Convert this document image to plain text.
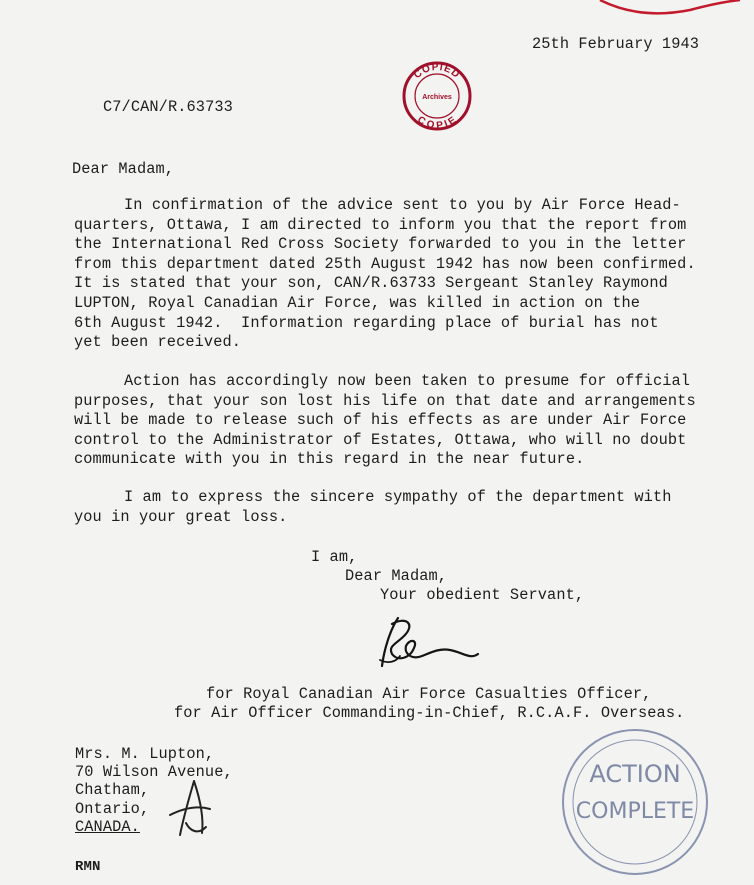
25th February 1943
C7/CAN/R.63733
COPIED
Archives
COPIE
Dear Madam,
In confirmation of the advice sent to you by Air Force Head-
quarters, Ottawa, I am directed to inform you that the report from
the International Red Cross Society forwarded to you in the letter
from this department dated 25th August 1942 has now been confirmed.
It is stated that your son, CAN/R.63733 Sergeant Stanley Raymond
LUPTON, Royal Canadian Air Force, was killed in action on the
6th August 1942.  Information regarding place of burial has not
yet been received.
Action has accordingly now been taken to presume for official
purposes, that your son lost his life on that date and arrangements
will be made to release such of his effects as are under Air Force
control to the Administrator of Estates, Ottawa, who will no doubt
communicate with you in this regard in the near future.
I am to express the sincere sympathy of the department with
you in your great loss.
I am,
Dear Madam,
Your obedient Servant,
for Royal Canadian Air Force Casualties Officer,
for Air Officer Commanding-in-Chief, R.C.A.F. Overseas.
Mrs. M. Lupton,
70 Wilson Avenue,
Chatham,
Ontario,
CANADA.
ACTION
COMPLETE
RMN
